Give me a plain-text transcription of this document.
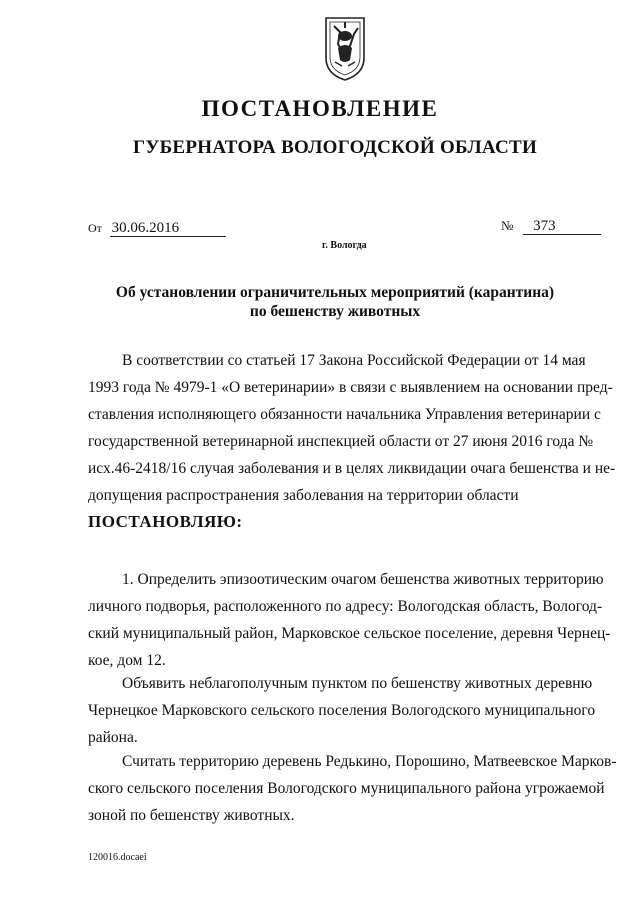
ПОСТАНОВЛЕНИЕ
ГУБЕРНАТОРА ВОЛОГОДСКОЙ ОБЛАСТИ
От 30.06.2016	№ 373
г. Вологда
Об установлении ограничительных мероприятий (карантина)
по бешенству животных
В соответствии со статьей 17 Закона Российской Федерации от 14 мая
1993 года № 4979-1 «О ветеринарии» в связи с выявлением на основании пред-
ставления исполняющего обязанности начальника Управления ветеринарии с
государственной ветеринарной инспекцией области от 27 июня 2016 года №
исх.46-2418/16 случая заболевания и в целях ликвидации очага бешенства и не-
допущения распространения заболевания на территории области
ПОСТАНОВЛЯЮ:
1. Определить эпизоотическим очагом бешенства животных территорию
личного подворья, расположенного по адресу: Вологодская область, Вологод-
ский муниципальный район, Марковское сельское поселение, деревня Чернец-
кое, дом 12.
Объявить неблагополучным пунктом по бешенству животных деревню
Чернецкое Марковского сельского поселения Вологодского муниципального
района.
Считать территорию деревень Редькино, Порошино, Матвеевское Марков-
ского сельского поселения Вологодского муниципального района угрожаемой
зоной по бешенству животных.
120016.docaei
